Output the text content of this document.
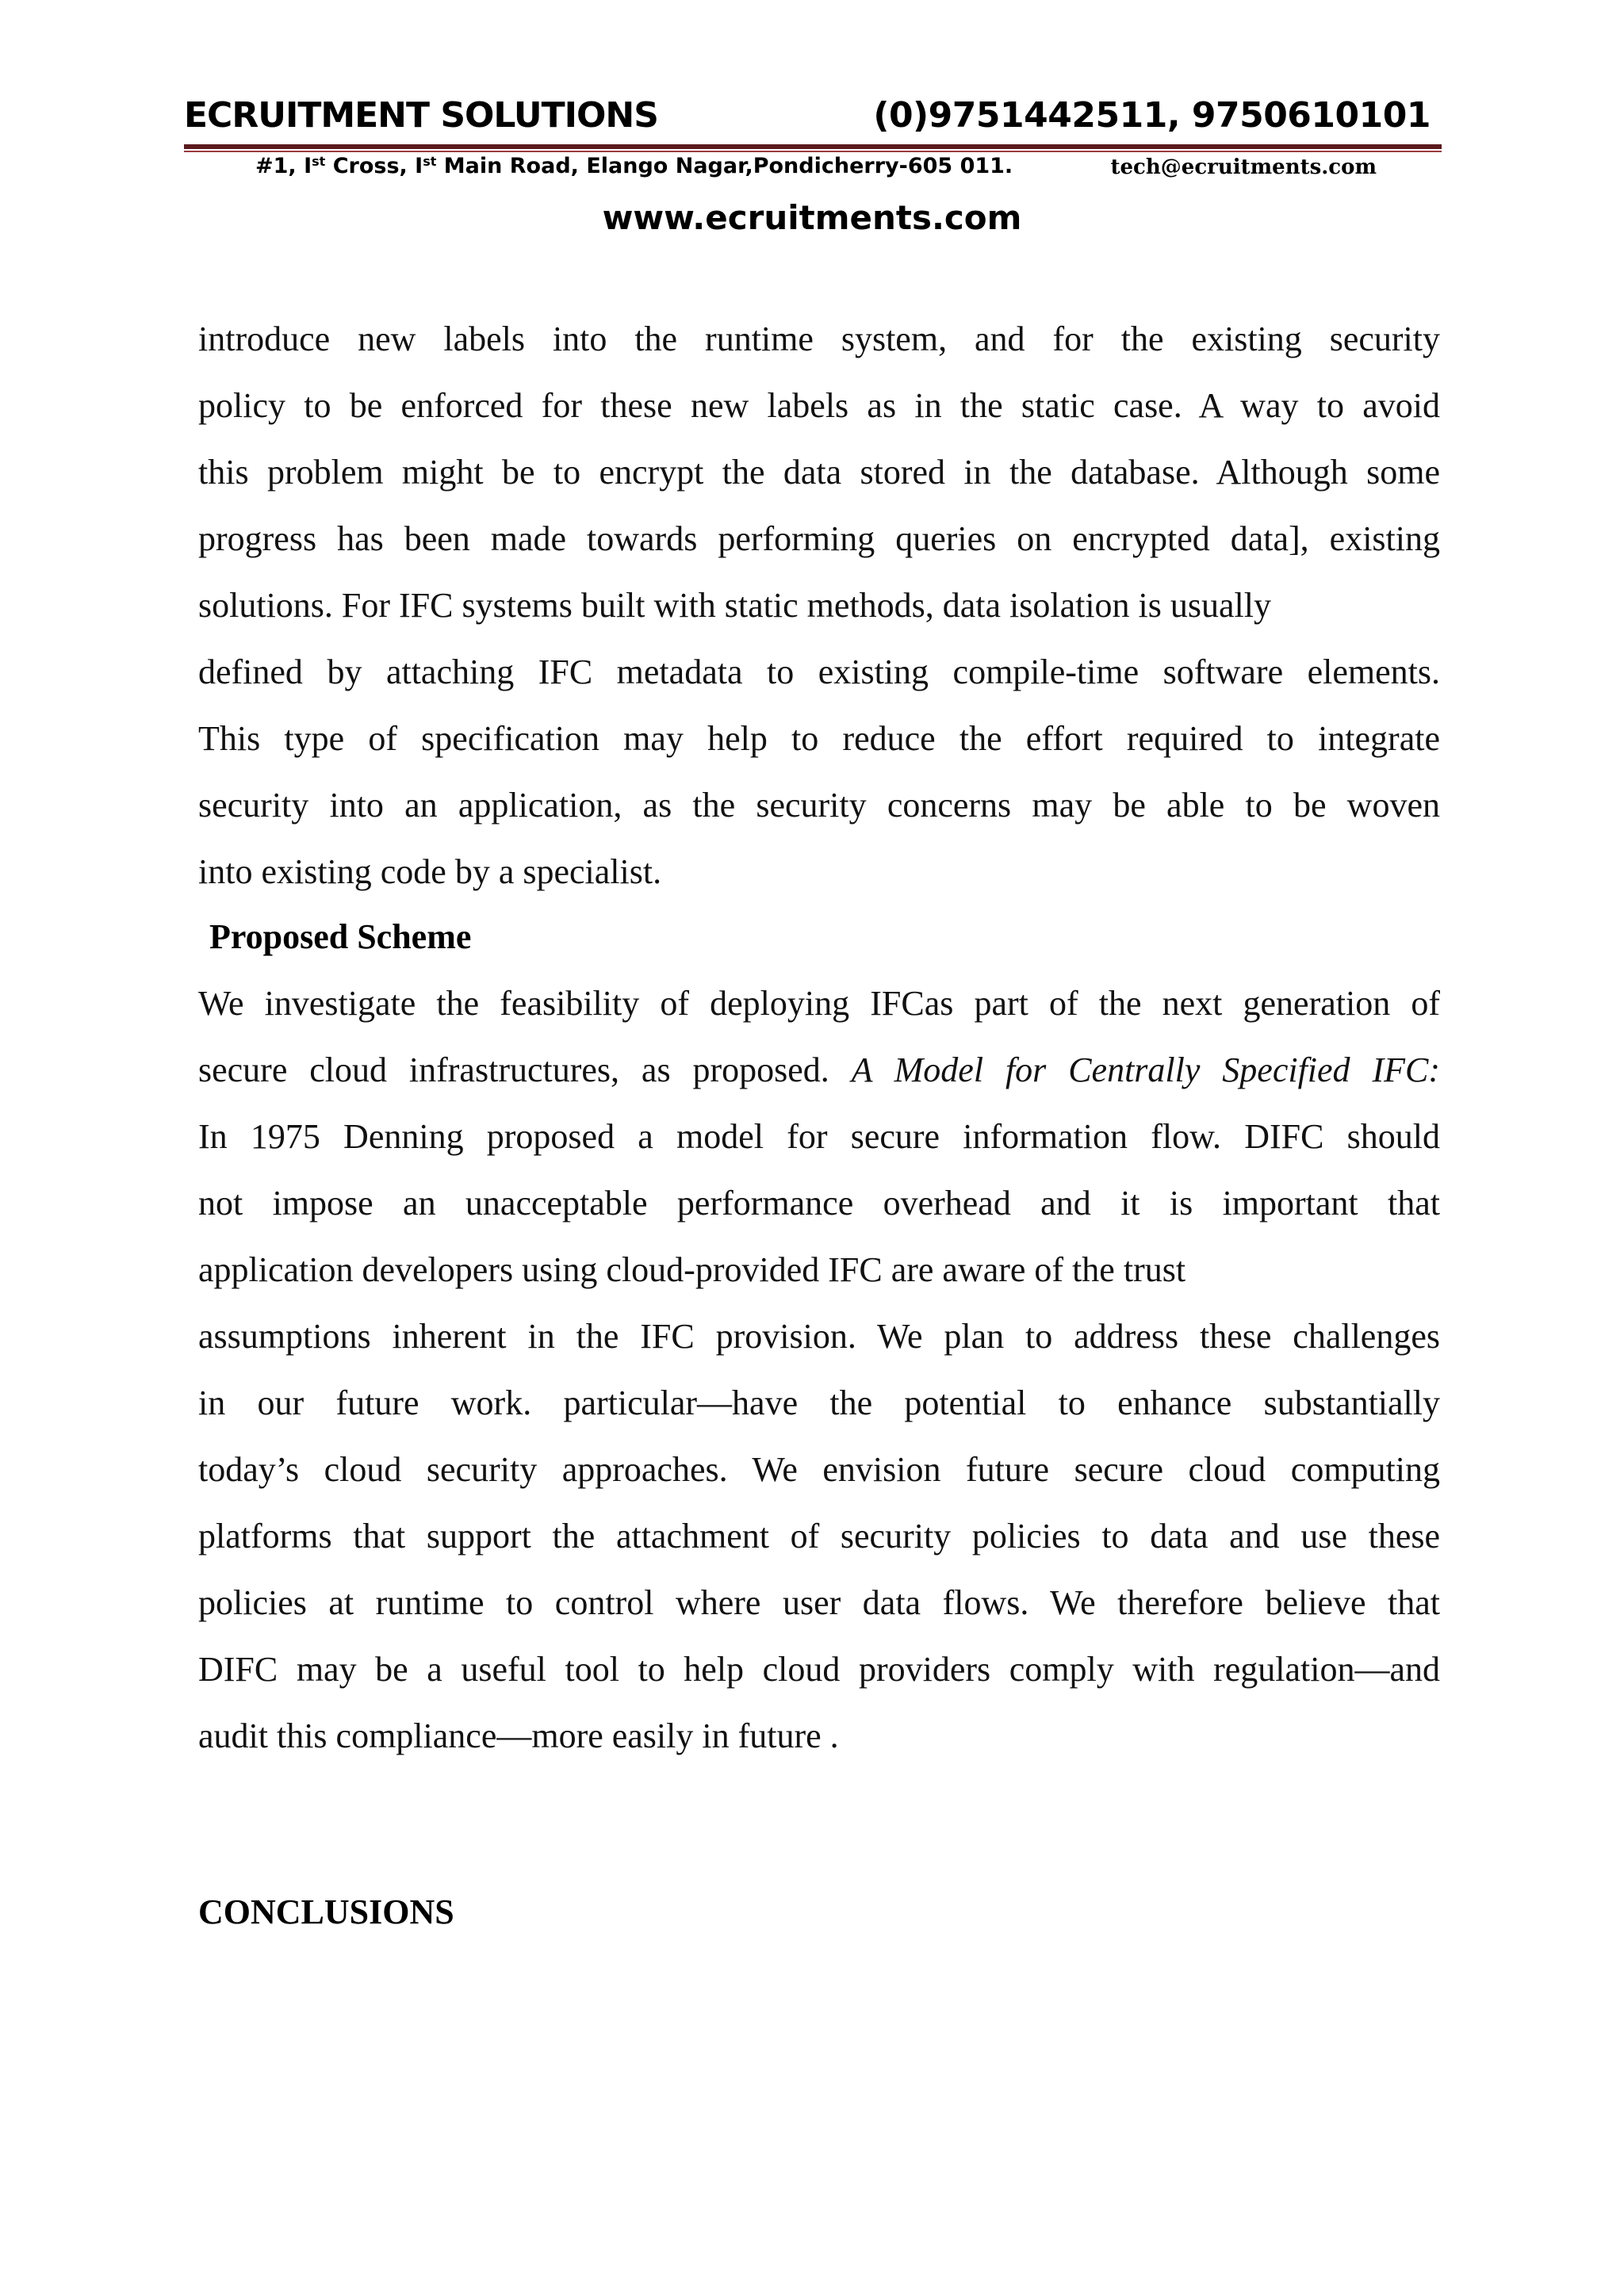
ECRUITMENT SOLUTIONS	(0)9751442511, 9750610101
#1, Ist Cross, Ist Main Road, Elango Nagar,Pondicherry-605 011.	tech@ecruitments.com
www.ecruitments.com
introduce new labels into the runtime system, and for the existing security
policy to be enforced for these new labels as in the static case. A way to avoid
this problem might be to encrypt the data stored in the database. Although some
progress has been made towards performing queries on encrypted data], existing
solutions. For IFC systems built with static methods, data isolation is usually
defined by attaching IFC metadata to existing compile-time software elements.
This type of specification may help to reduce the effort required to integrate
security into an application, as the security concerns may be able to be woven
into existing code by a specialist.
Proposed Scheme
We investigate the feasibility of deploying IFCas part of the next generation of
secure cloud infrastructures, as proposed. A Model for Centrally Specified IFC:
In 1975 Denning proposed a model for secure information flow. DIFC should
not impose an unacceptable performance overhead and it is important that
application developers using cloud-provided IFC are aware of the trust
assumptions inherent in the IFC provision. We plan to address these challenges
in our future work. particular—have the potential to enhance substantially
today’s cloud security approaches. We envision future secure cloud computing
platforms that support the attachment of security policies to data and use these
policies at runtime to control where user data flows. We therefore believe that
DIFC may be a useful tool to help cloud providers comply with regulation—and
audit this compliance—more easily in future .
CONCLUSIONS
